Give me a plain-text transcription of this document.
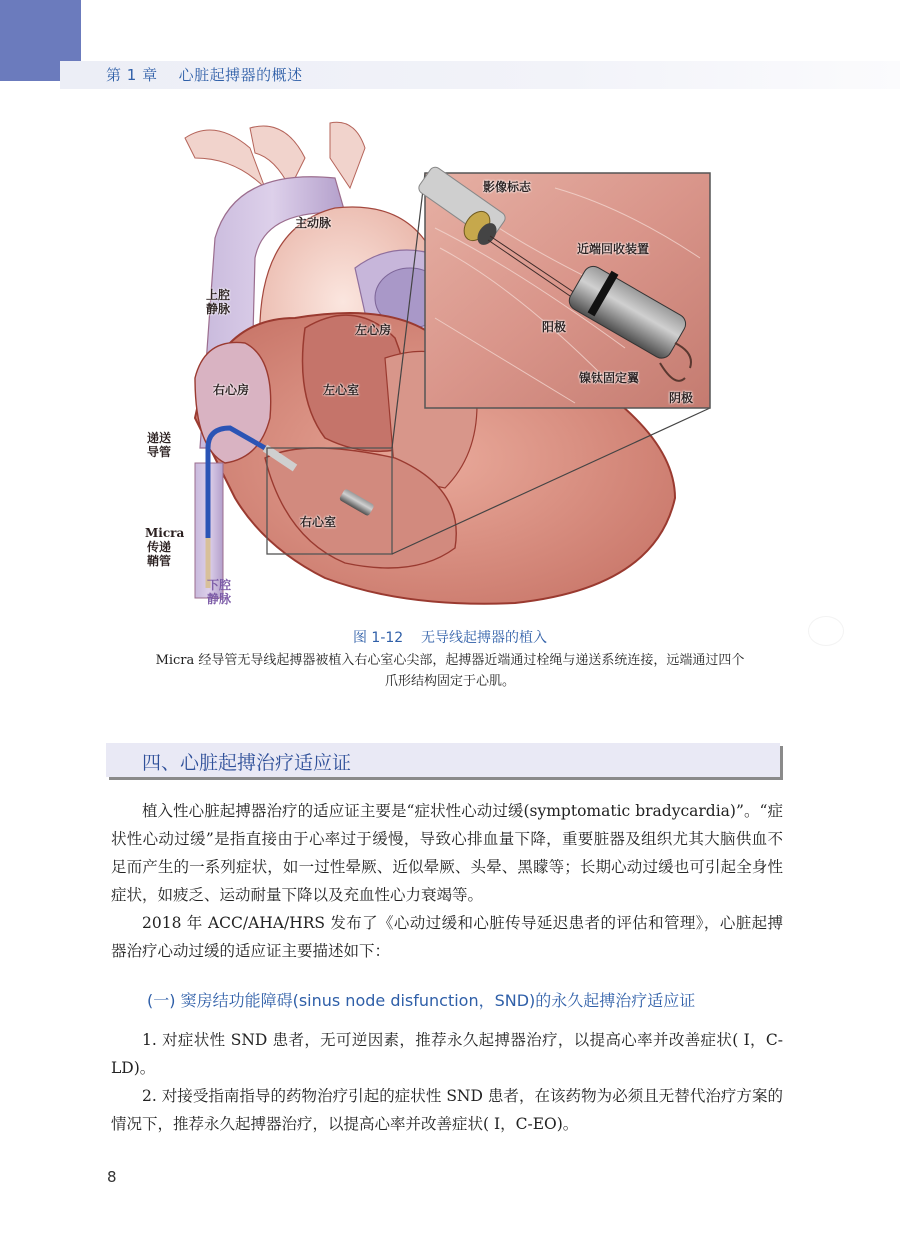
第 1 章    心脏起搏器的概述
主动脉
上腔
静脉
左心房
右心房	左心室
右心室
递送
导管
Micra
传递
鞘管
下腔
静脉
影像标志
近端回收装置
阳极
镍钛固定翼
阴极
图 1-12    无导线起搏器的植入
Micra 经导管无导线起搏器被植入右心室心尖部，起搏器近端通过栓绳与递送系统连接，远端通过四个爪形结构固定于心肌。
四、心脏起搏治疗适应证

植入性心脏起搏器治疗的适应证主要是“症状性心动过缓(symptomatic bradycardia)”。“症状性心动过缓”是指直接由于心率过于缓慢，导致心排血量下降，重要脏器及组织尤其大脑供血不足而产生的一系列症状，如一过性晕厥、近似晕厥、头晕、黑矇等；长期心动过缓也可引起全身性症状，如疲乏、运动耐量下降以及充血性心力衰竭等。

2018 年 ACC/AHA/HRS 发布了《心动过缓和心脏传导延迟患者的评估和管理》，心脏起搏器治疗心动过缓的适应证主要描述如下：

(一) 窦房结功能障碍(sinus node disfunction，SND)的永久起搏治疗适应证

1. 对症状性 SND 患者，无可逆因素，推荐永久起搏器治疗，以提高心率并改善症状( Ⅰ，C-LD)。

2. 对接受指南指导的药物治疗引起的症状性 SND 患者，在该药物为必须且无替代治疗方案的情况下，推荐永久起搏器治疗，以提高心率并改善症状( Ⅰ，C-EO)。

8
